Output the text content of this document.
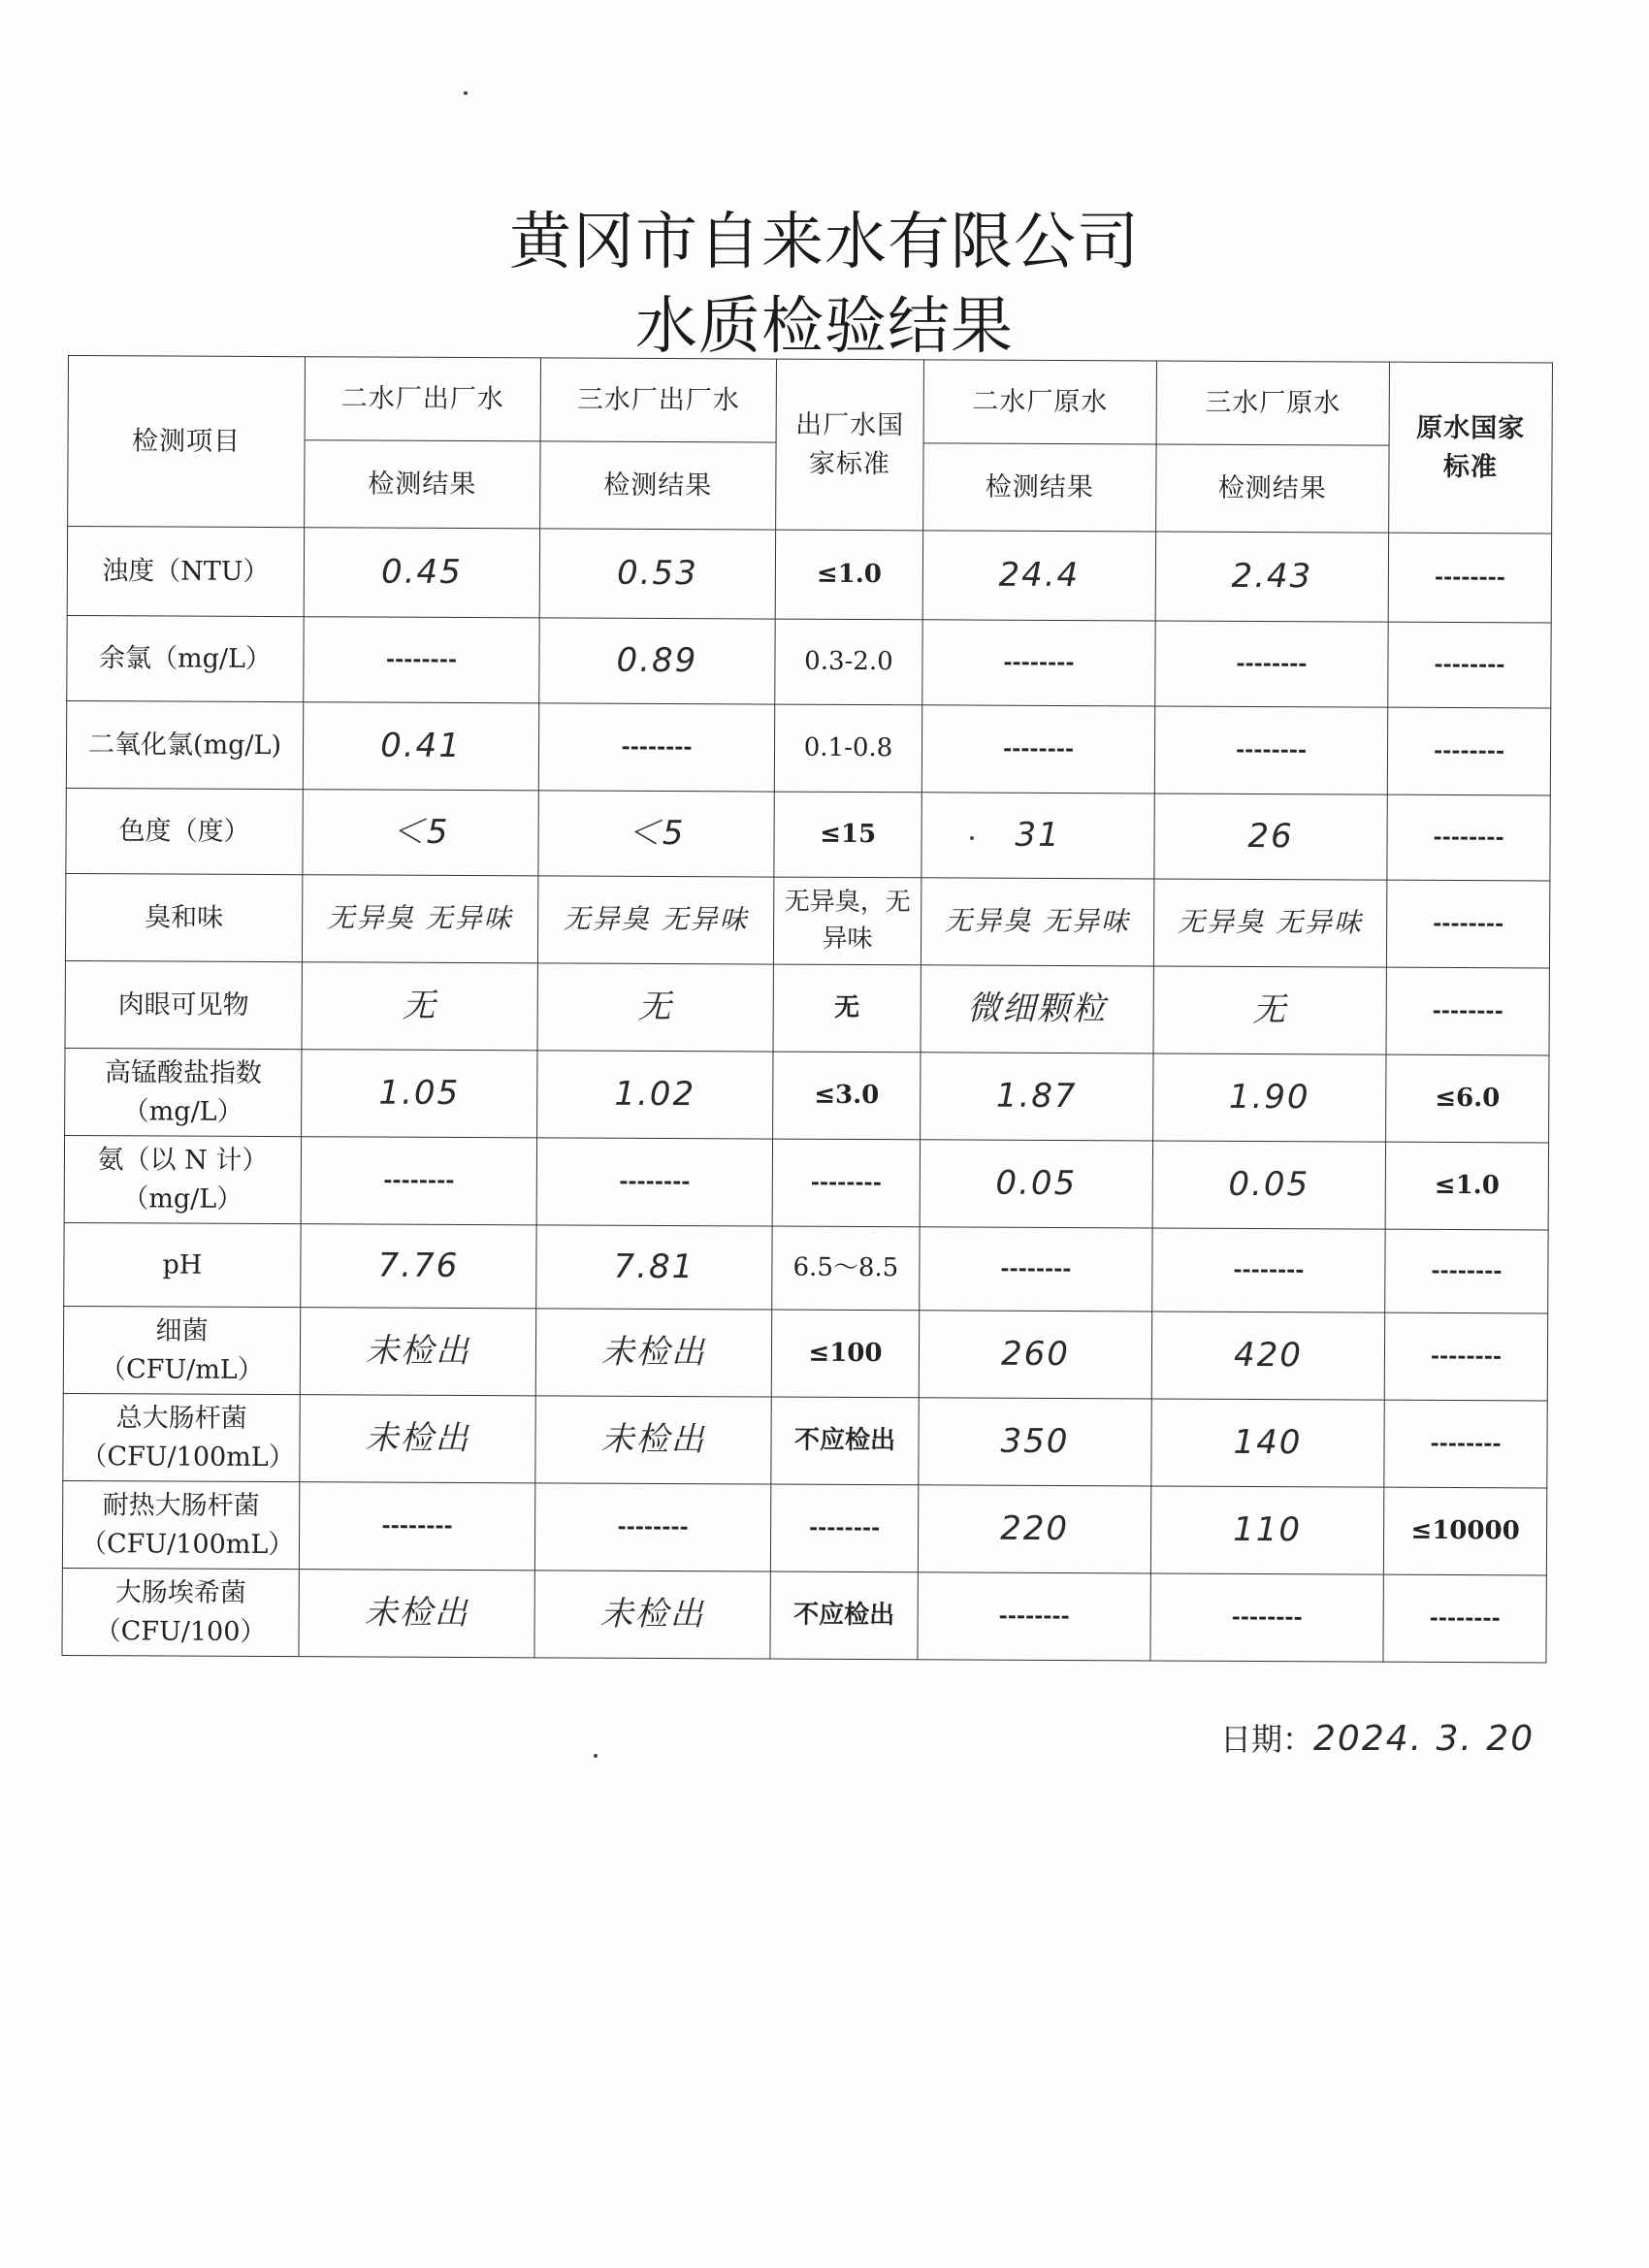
黄冈市自来水有限公司
水质检验结果
检测项目	二水厂出厂水	三水厂出厂水	出厂水国家标准	二水厂原水	三水厂原水	原水国家标准
	检测结果	检测结果		检测结果	检测结果	
浊度（NTU）	0.45	0.53	≤1.0	24.4	2.43	--------
余氯（mg/L）	--------	0.89	0.3-2.0	--------	--------	--------
二氧化氯(mg/L)	0.41	--------	0.1-0.8	--------	--------	--------
色度（度）	＜5	＜5	≤15	31	26	--------
臭和味	无异臭 无异味	无异臭 无异味	无异臭，无异味	无异臭 无异味	无异臭 无异味	--------
肉眼可见物	无	无	无	微细颗粒	无	--------
高锰酸盐指数（mg/L）	1.05	1.02	≤3.0	1.87	1.90	≤6.0
氨（以 N 计）（mg/L）	--------	--------	--------	0.05	0.05	≤1.0
pH	7.76	7.81	6.5～8.5	--------	--------	--------
细菌（CFU/mL）	未检出	未检出	≤100	260	420	--------
总大肠杆菌（CFU/100mL）	未检出	未检出	不应检出	350	140	--------
耐热大肠杆菌（CFU/100mL）	--------	--------	--------	220	110	≤10000
大肠埃希菌（CFU/100）	未检出	未检出	不应检出	--------	--------	--------
日期：2024. 3. 20
